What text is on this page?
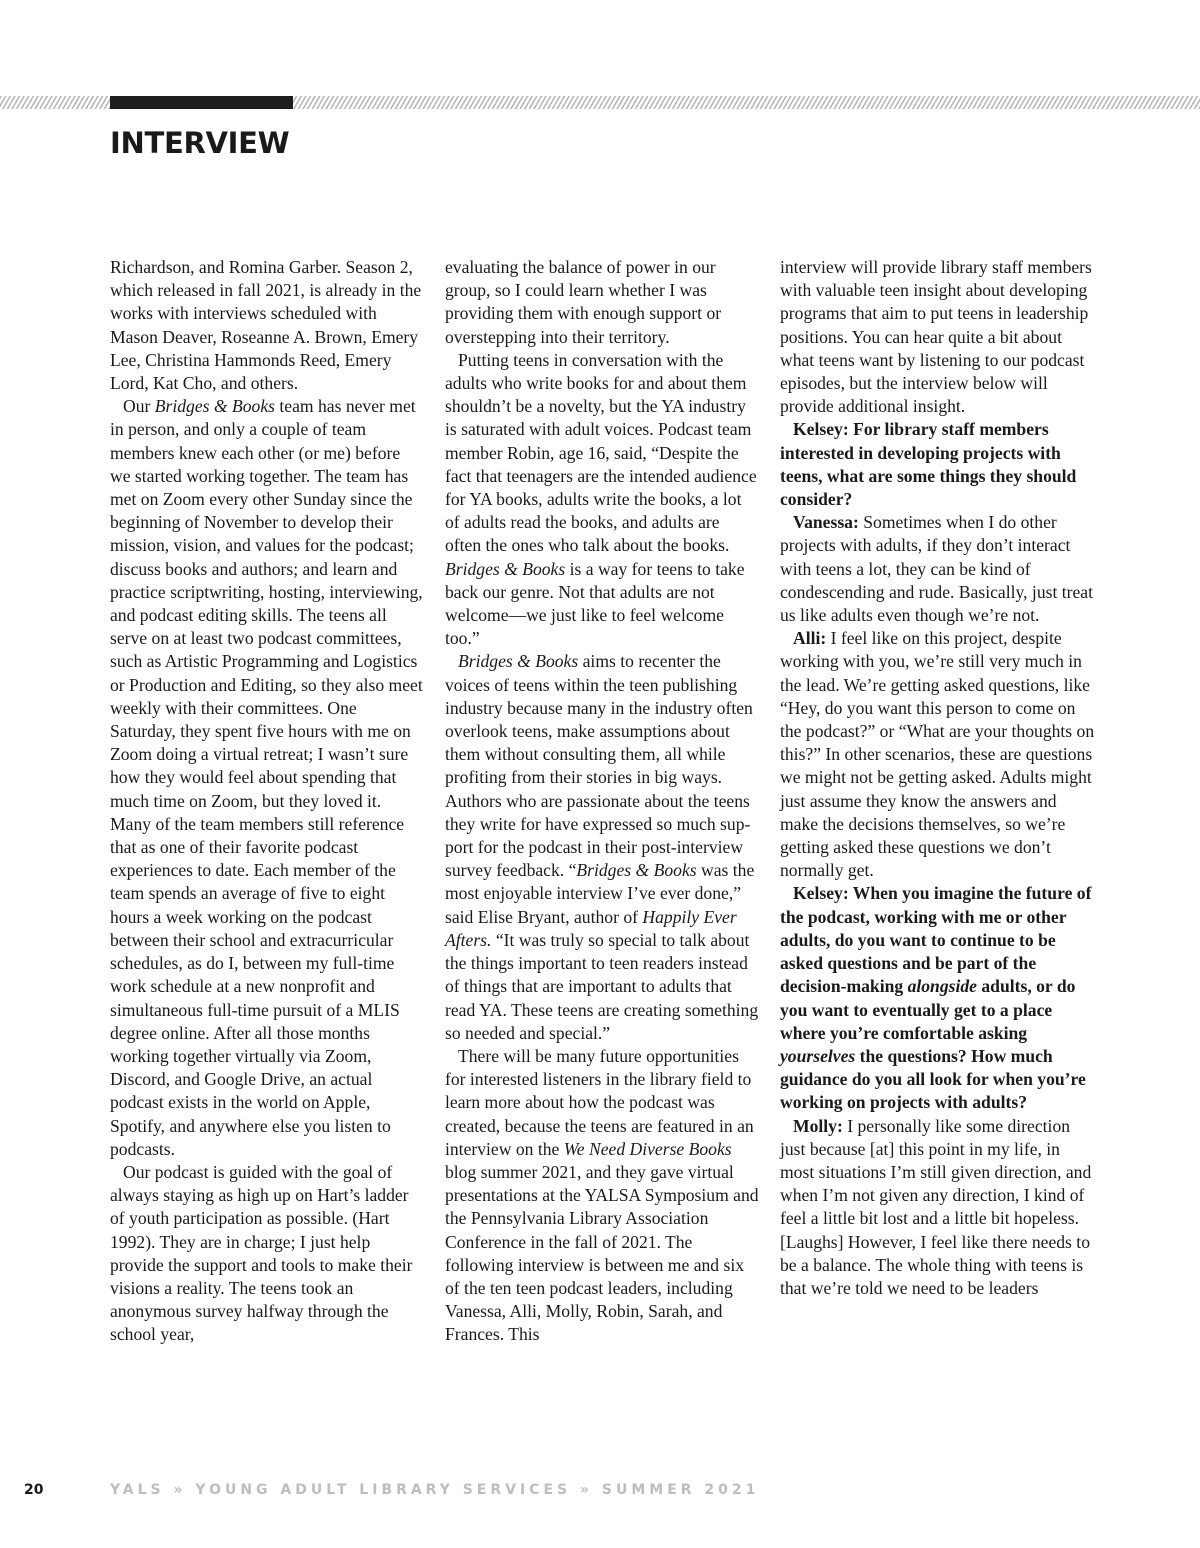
INTERVIEW

Richardson, and Romina Garber. Season 2, which released in fall 2021, is already in the works with interviews scheduled with Mason Deaver, Roseanne A. Brown, Emery Lee, Christina Hammonds Reed, Emery Lord, Kat Cho, and others.

Our Bridges & Books team has never met in person, and only a couple of team members knew each other (or me) before we started working together. The team has met on Zoom every other Sunday since the beginning of November to develop their mission, vision, and values for the podcast; discuss books and authors; and learn and practice scriptwriting, hosting, interviewing, and podcast editing skills. The teens all serve on at least two podcast committees, such as Artistic Programming and Logistics or Production and Editing, so they also meet weekly with their committees. One Saturday, they spent five hours with me on Zoom doing a virtual retreat; I wasn’t sure how they would feel about spending that much time on Zoom, but they loved it. Many of the team members still reference that as one of their favorite podcast experiences to date. Each member of the team spends an average of five to eight hours a week working on the podcast between their school and extracurricular schedules, as do I, between my full-time work schedule at a new nonprofit and simultaneous full-time pursuit of a MLIS degree online. After all those months working together virtually via Zoom, Discord, and Google Drive, an actual podcast exists in the world on Apple, Spotify, and anywhere else you listen to podcasts.

Our podcast is guided with the goal of always staying as high up on Hart’s ladder of youth participation as possible. (Hart 1992). They are in charge; I just help provide the support and tools to make their visions a reality. The teens took an anonymous survey halfway through the school year,

evaluating the balance of power in our group, so I could learn whether I was providing them with enough support or overstepping into their territory.

Putting teens in conversation with the adults who write books for and about them shouldn’t be a novelty, but the YA industry is saturated with adult voices. Podcast team member Robin, age 16, said, “Despite the fact that teenagers are the intended audience for YA books, adults write the books, a lot of adults read the books, and adults are often the ones who talk about the books. Bridges & Books is a way for teens to take back our genre. Not that adults are not welcome—we just like to feel welcome too.”

Bridges & Books aims to recenter the voices of teens within the teen publishing industry because many in the industry often overlook teens, make assumptions about them without consulting them, all while profiting from their stories in big ways. Authors who are passionate about the teens they write for have expressed so much support for the podcast in their post-interview survey feedback. “Bridges & Books was the most enjoyable interview I’ve ever done,” said Elise Bryant, author of Happily Ever Afters. “It was truly so special to talk about the things important to teen readers instead of things that are important to adults that read YA. These teens are creating something so needed and special.”

There will be many future opportunities for interested listeners in the library field to learn more about how the podcast was created, because the teens are featured in an interview on the We Need Diverse Books blog summer 2021, and they gave virtual presentations at the YALSA Symposium and the Pennsylvania Library Association Conference in the fall of 2021. The following interview is between me and six of the ten teen podcast leaders, including Vanessa, Alli, Molly, Robin, Sarah, and Frances. This

interview will provide library staff members with valuable teen insight about developing programs that aim to put teens in leadership positions. You can hear quite a bit about what teens want by listening to our podcast episodes, but the interview below will provide additional insight.

Kelsey: For library staff members interested in developing projects with teens, what are some things they should consider?

Vanessa: Sometimes when I do other projects with adults, if they don’t interact with teens a lot, they can be kind of condescending and rude. Basically, just treat us like adults even though we’re not.

Alli: I feel like on this project, despite working with you, we’re still very much in the lead. We’re getting asked questions, like “Hey, do you want this person to come on the podcast?” or “What are your thoughts on this?” In other scenarios, these are questions we might not be getting asked. Adults might just assume they know the answers and make the decisions themselves, so we’re getting asked these questions we don’t normally get.

Kelsey: When you imagine the future of the podcast, working with me or other adults, do you want to continue to be asked questions and be part of the decision-making alongside adults, or do you want to eventually get to a place where you’re comfortable asking yourselves the questions? How much guidance do you all look for when you’re working on projects with adults?

Molly: I personally like some direction just because [at] this point in my life, in most situations I’m still given direction, and when I’m not given any direction, I kind of feel a little bit lost and a little bit hopeless. [Laughs] However, I feel like there needs to be a balance. The whole thing with teens is that we’re told we need to be leaders

20	YALS » YOUNG ADULT LIBRARY SERVICES » SUMMER 2021
